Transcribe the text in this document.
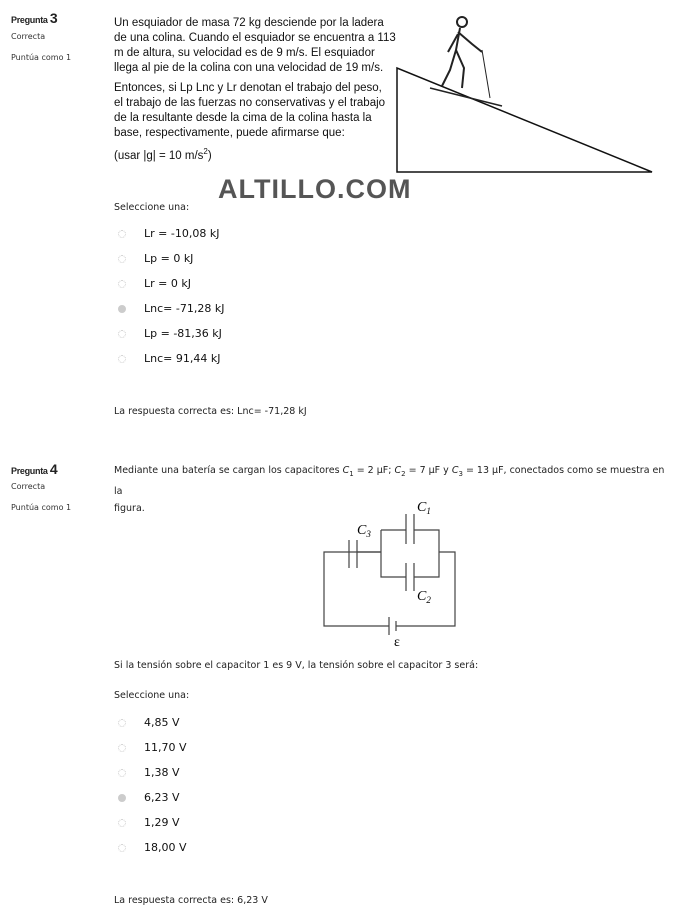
Pregunta 3
Correcta
Puntúa como 1
Un esquiador de masa 72 kg desciende por la ladera
de una colina. Cuando el esquiador se encuentra a 113
m de altura, su velocidad es de 9 m/s. El esquiador
llega al pie de la colina con una velocidad de 19 m/s.
Entonces, si Lp Lnc y Lr denotan el trabajo del peso,
el trabajo de las fuerzas no conservativas y el trabajo
de la resultante desde la cima de la colina hasta la
base, respectivamente, puede afirmarse que:
(usar |g| = 10 $m/s^2$)
ALTILLO.COM
Seleccione una:
Lr = -10,08 kJ
Lp = 0 kJ
Lr = 0 kJ
Lnc= -71,28 kJ
Lp = -81,36 kJ
Lnc= 91,44 kJ
La respuesta correcta es: Lnc= -71,28 kJ
Pregunta 4
Correcta
Puntúa como 1
Mediante una batería se cargan los capacitores $C_1 = 2$ μF; $C_2 = 7$ μF y $C_3 = 13$ μF, conectados como se muestra en la
figura.
$C_3$
$C_1$
$C_2$
ε
Si la tensión sobre el capacitor 1 es 9 V, la tensión sobre el capacitor 3 será:
Seleccione una:
4,85 V
11,70 V
1,38 V
6,23 V
1,29 V
18,00 V
La respuesta correcta es: 6,23 V
